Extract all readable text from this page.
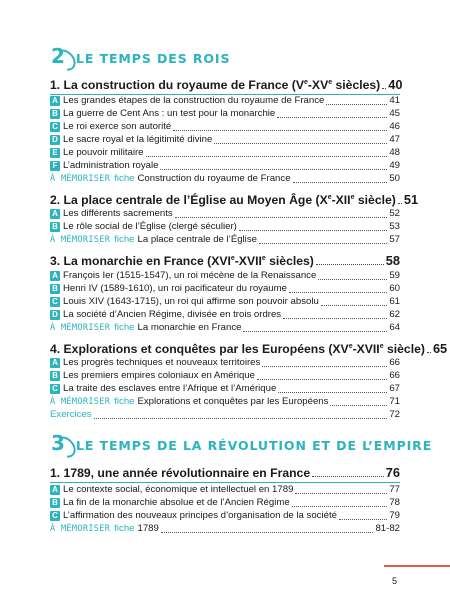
2 LE TEMPS DES ROIS
1. La construction du royaume de France (Ve-XVe siècles) 40
A Les grandes étapes de la construction du royaume de France	41
B La guerre de Cent Ans : un test pour la monarchie	45
C Le roi exerce son autorité	46
D Le sacre royal et la légitimité divine	47
E Le pouvoir militaire	48
F L’administration royale	49
À MÉMORISER fiche Construction du royaume de France	50
2. La place centrale de l’Église au Moyen Âge (Xe-XIIe siècle) 51
A Les différents sacrements	52
B Le rôle social de l’Église (clergé séculier)	53
À MÉMORISER fiche La place centrale de l’Église	57
3. La monarchie en France (XVIe-XVIIe siècles)	58
A François Ier (1515-1547), un roi mécène de la Renaissance	59
B Henri IV (1589-1610), un roi pacificateur du royaume	60
C Louis XIV (1643-1715), un roi qui affirme son pouvoir absolu	61
D La société d’Ancien Régime, divisée en trois ordres	62
À MÉMORISER fiche La monarchie en France	64
4. Explorations et conquêtes par les Européens (XVe-XVIIe siècle) 65
A Les progrès techniques et nouveaux territoires	66
B Les premiers empires coloniaux en Amérique	66
C La traite des esclaves entre l’Afrique et l’Amérique	67
À MÉMORISER fiche Explorations et conquêtes par les Européens	71
Exercices	72
3 LE TEMPS DE LA RÉVOLUTION ET DE L’EMPIRE
1. 1789, une année révolutionnaire en France	76
A Le contexte social, économique et intellectuel en 1789	77
B La fin de la monarchie absolue et de l’Ancien Régime	78
C L’affirmation des nouveaux principes d’organisation de la société	79
À MÉMORISER fiche 1789	81-82
5
